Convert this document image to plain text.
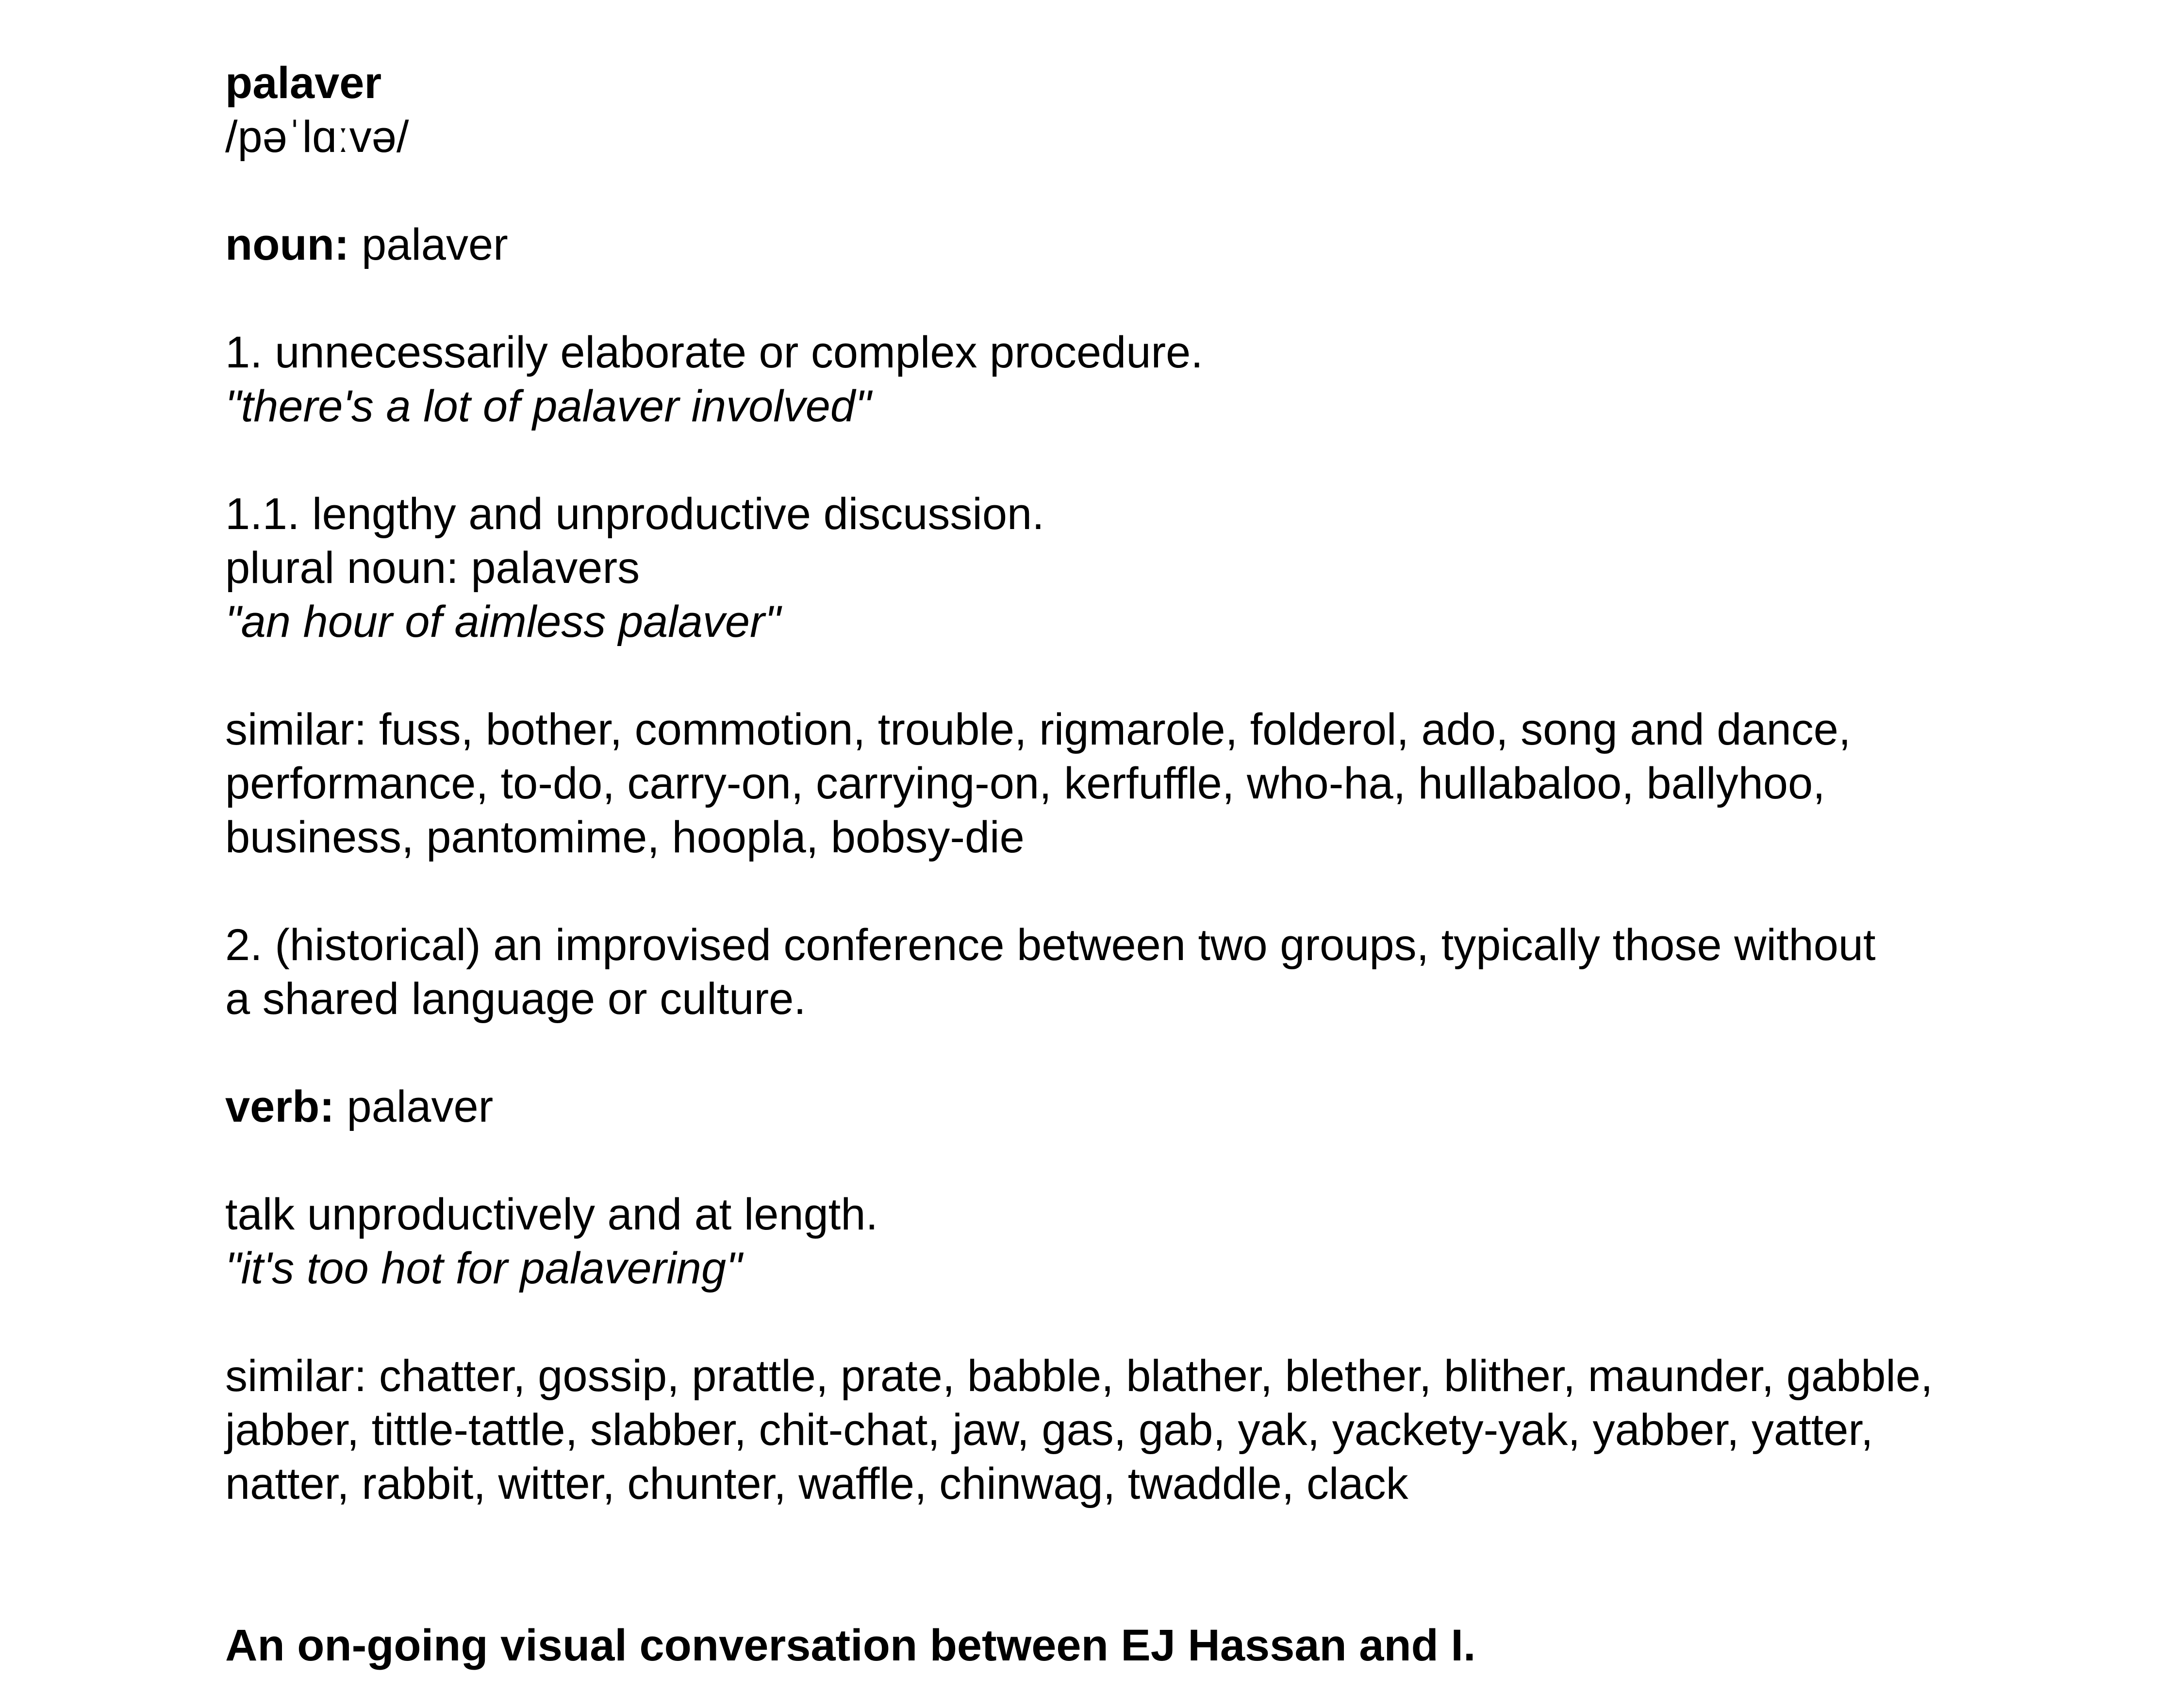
palaver
/pəˈlɑːvə/
noun: palaver
1. unnecessarily elaborate or complex procedure.
"there's a lot of palaver involved"
1.1. lengthy and unproductive discussion.
plural noun: palavers
"an hour of aimless palaver"
similar: fuss, bother, commotion, trouble, rigmarole, folderol, ado, song and dance,
performance, to-do, carry-on, carrying-on, kerfuffle, who-ha, hullabaloo, ballyhoo,
business, pantomime, hoopla, bobsy-die
2. (historical) an improvised conference between two groups, typically those without
a shared language or culture.
verb: palaver
talk unproductively and at length.
"it's too hot for palavering"
similar: chatter, gossip, prattle, prate, babble, blather, blether, blither, maunder, gabble,
jabber, tittle-tattle, slabber, chit-chat, jaw, gas, gab, yak, yackety-yak, yabber, yatter,
natter, rabbit, witter, chunter, waffle, chinwag, twaddle, clack
An on-going visual conversation between EJ Hassan and I.
